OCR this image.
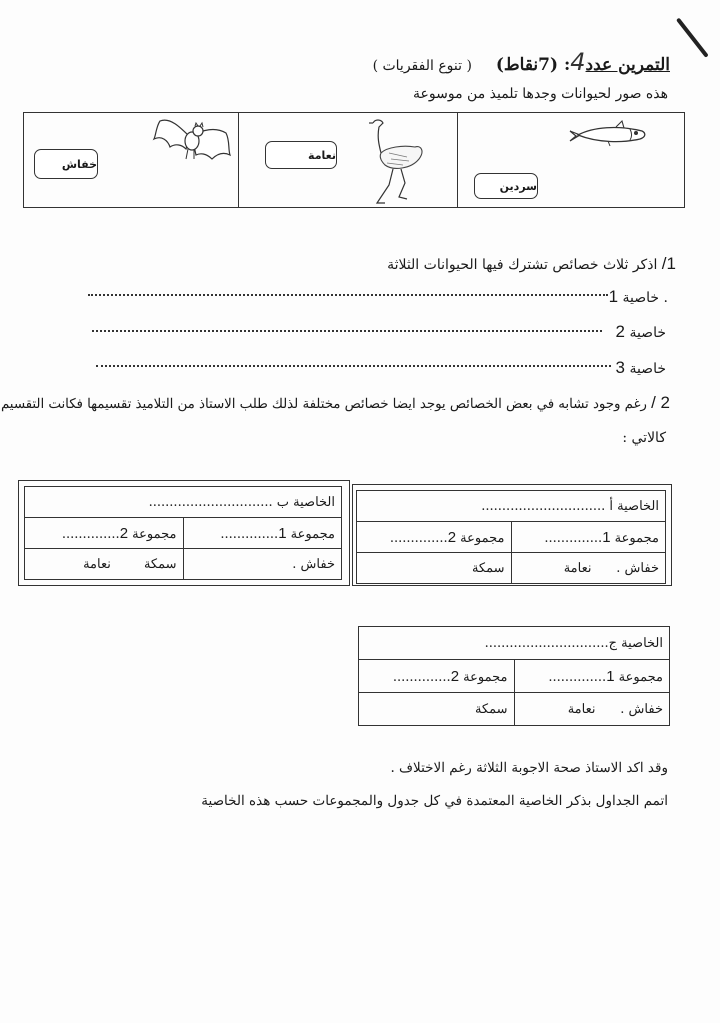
التمرين عدد4: (7نقاط) ( تنوع الفقريات )
هذه صور لحيوانات وجدها تلميذ من موسوعة
سردين
نعامة
خفاش
1/ اذكر ثلاث خصائص تشترك فيها الحيوانات الثلاثة
. خاصية 1
خاصية 2
خاصية 3
2 / رغم وجود تشابه في بعض الخصائص يوجد ايضا خصائص مختلفة لذلك طلب الاستاذ من التلاميذ تقسيمها فكانت التقسيم
كالاتي :
الخاصية أ ..............................	
مجموعة 1..............	مجموعة 2..............
خفاش .      نعامة	سمكة
الخاصية ب ..............................	
مجموعة 1..............	مجموعة 2..............
خفاش .	سمكة        نعامة
الخاصية ج..............................	
مجموعة 1..............	مجموعة 2..............
خفاش .      نعامة	سمكة
وقد اكد الاستاذ صحة الاجوبة الثلاثة رغم الاختلاف .
اتمم الجداول بذكر الخاصية المعتمدة في كل جدول والمجموعات حسب هذه الخاصية
